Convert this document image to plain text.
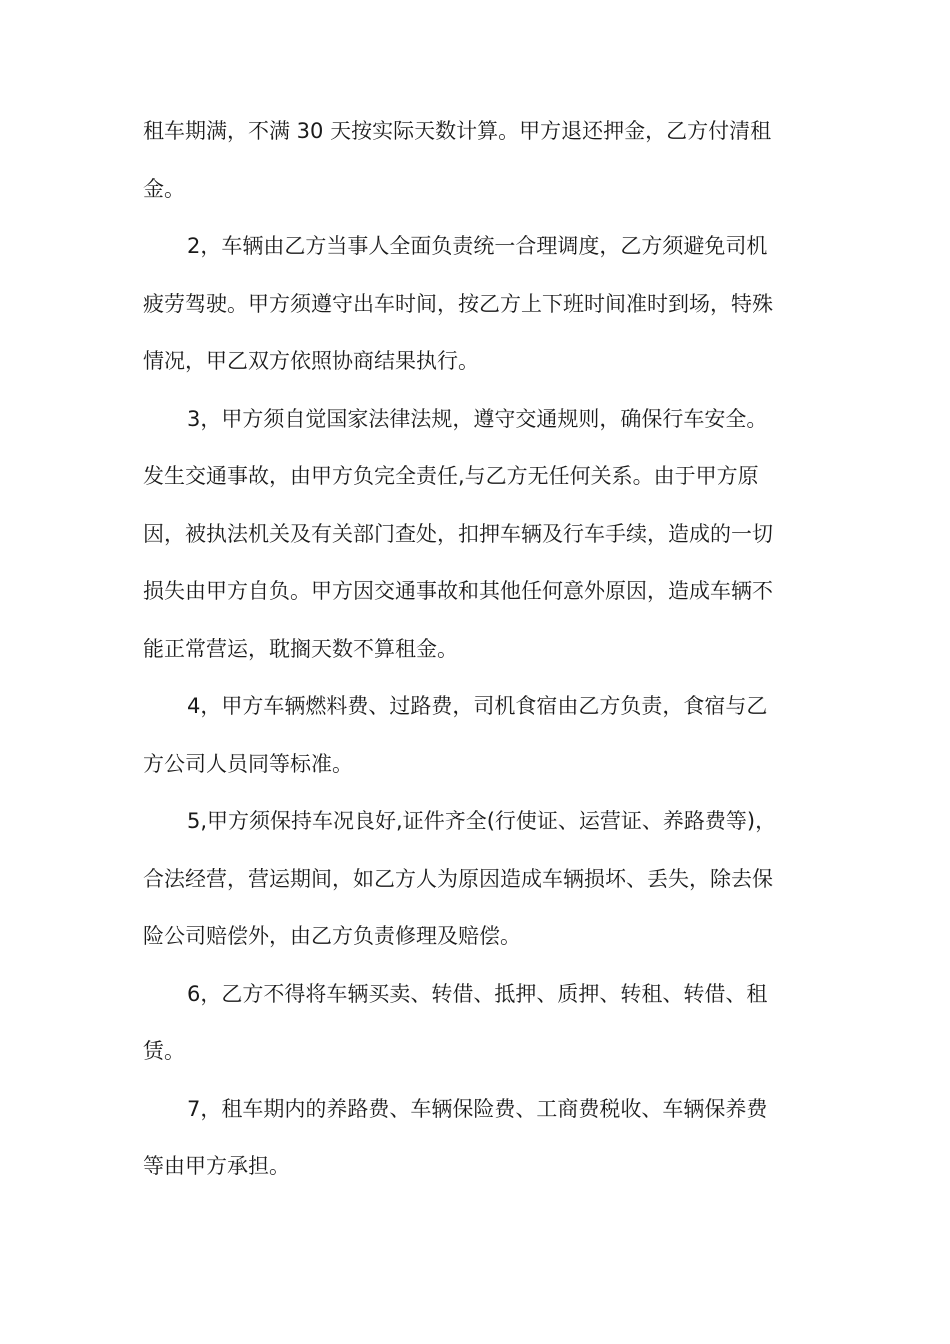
租车期满，不满 30 天按实际天数计算。甲方退还押金，乙方付清租
金。
2，车辆由乙方当事人全面负责统一合理调度，乙方须避免司机
疲劳驾驶。甲方须遵守出车时间，按乙方上下班时间准时到场，特殊
情况，甲乙双方依照协商结果执行。
3，甲方须自觉国家法律法规，遵守交通规则，确保行车安全。
发生交通事故，由甲方负完全责任,与乙方无任何关系。由于甲方原
因，被执法机关及有关部门查处，扣押车辆及行车手续，造成的一切
损失由甲方自负。甲方因交通事故和其他任何意外原因，造成车辆不
能正常营运，耽搁天数不算租金。
4，甲方车辆燃料费、过路费，司机食宿由乙方负责，食宿与乙
方公司人员同等标准。
5,甲方须保持车况良好,证件齐全(行使证、运营证、养路费等)，
合法经营，营运期间，如乙方人为原因造成车辆损坏、丢失，除去保
险公司赔偿外，由乙方负责修理及赔偿。
6，乙方不得将车辆买卖、转借、抵押、质押、转租、转借、租
赁。
7，租车期内的养路费、车辆保险费、工商费税收、车辆保养费
等由甲方承担。
